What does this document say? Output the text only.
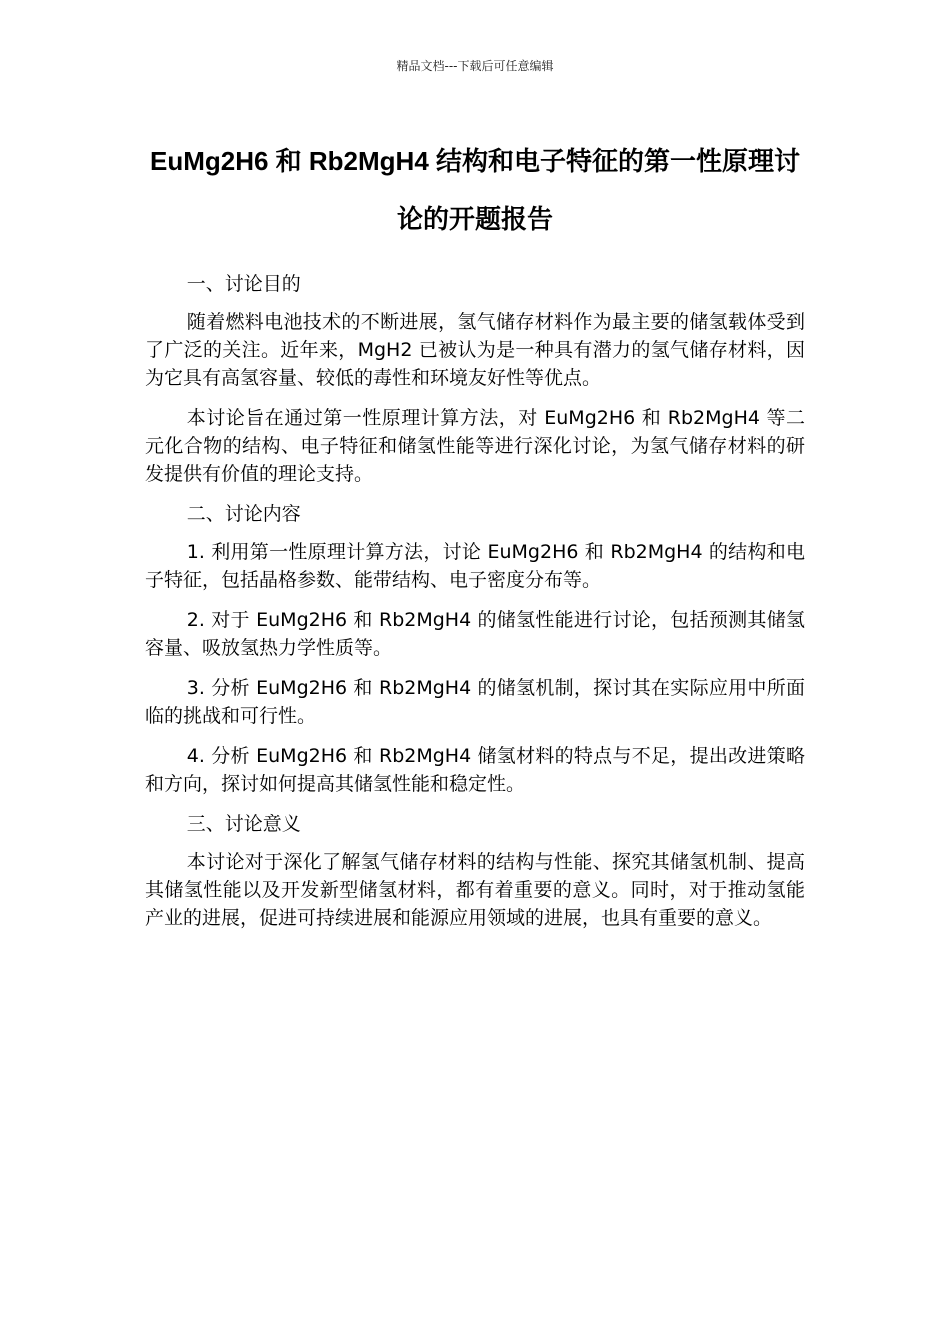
精品文档---下载后可任意编辑
EuMg2H6 和 Rb2MgH4 结构和电子特征的第一性原理讨论的开题报告

一、讨论目的

随着燃料电池技术的不断进展，氢气储存材料作为最主要的储氢载体受到了广泛的关注。近年来，MgH2 已被认为是一种具有潜力的氢气储存材料，因为它具有高氢容量、较低的毒性和环境友好性等优点。

本讨论旨在通过第一性原理计算方法，对 EuMg2H6 和 Rb2MgH4 等二元化合物的结构、电子特征和储氢性能等进行深化讨论，为氢气储存材料的研发提供有价值的理论支持。

二、讨论内容

1. 利用第一性原理计算方法，讨论 EuMg2H6 和 Rb2MgH4 的结构和电子特征，包括晶格参数、能带结构、电子密度分布等。

2. 对于 EuMg2H6 和 Rb2MgH4 的储氢性能进行讨论，包括预测其储氢容量、吸放氢热力学性质等。

3. 分析 EuMg2H6 和 Rb2MgH4 的储氢机制，探讨其在实际应用中所面临的挑战和可行性。

4. 分析 EuMg2H6 和 Rb2MgH4 储氢材料的特点与不足，提出改进策略和方向，探讨如何提高其储氢性能和稳定性。

三、讨论意义

本讨论对于深化了解氢气储存材料的结构与性能、探究其储氢机制、提高其储氢性能以及开发新型储氢材料，都有着重要的意义。同时，对于推动氢能产业的进展，促进可持续进展和能源应用领域的进展，也具有重要的意义。
